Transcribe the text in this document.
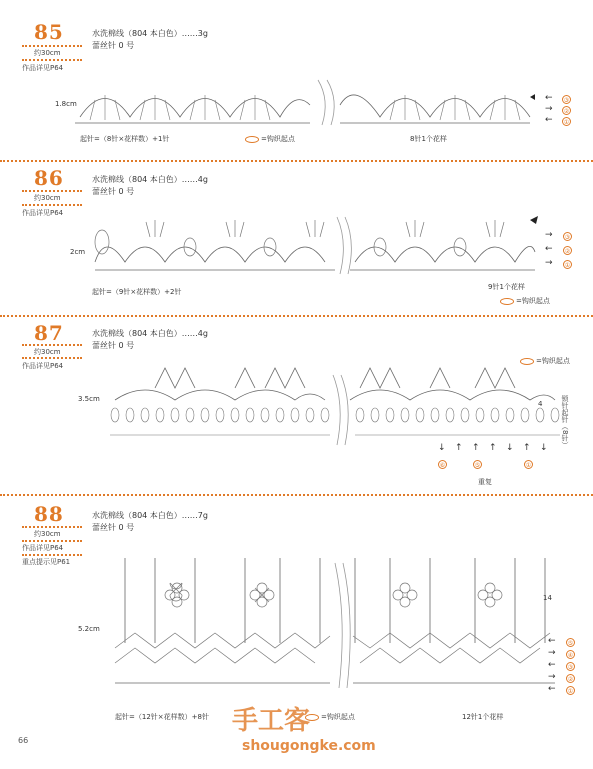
85
约30cm
作品详见P64
水洗棉线（804 本白色）……3g
蕾丝针 0 号
1.8cm
← ③
→ ②
← ①
起针=（8针×花样数）+1针	=钩织起点	8针1个花样
86
约30cm
作品详见P64
水洗棉线（804 本白色）……4g
蕾丝针 0 号
2cm
→ ③
← ②
→ ①
起针=（9针×花样数）+2针
9针1个花样
=钩织起点
87
约30cm
作品详见P64
水洗棉线（804 本白色）……4g
蕾丝针 0 号
=钩织起点
3.5cm
4	锁针起针（8针）
↓ ↑ ↑ ↑ ↓ ↑ ↓
⑥	⑤	①
重复
88
约30cm
作品详见P64
重点提示见P61
水洗棉线（804 本白色）……7g
蕾丝针 0 号
5.2cm
14
← ⑤
→ ④
← ③
→ ②
← ①
起针=（12针×花样数）+8针	=钩织起点	12针1个花样
66
手工客
shougongke.com
